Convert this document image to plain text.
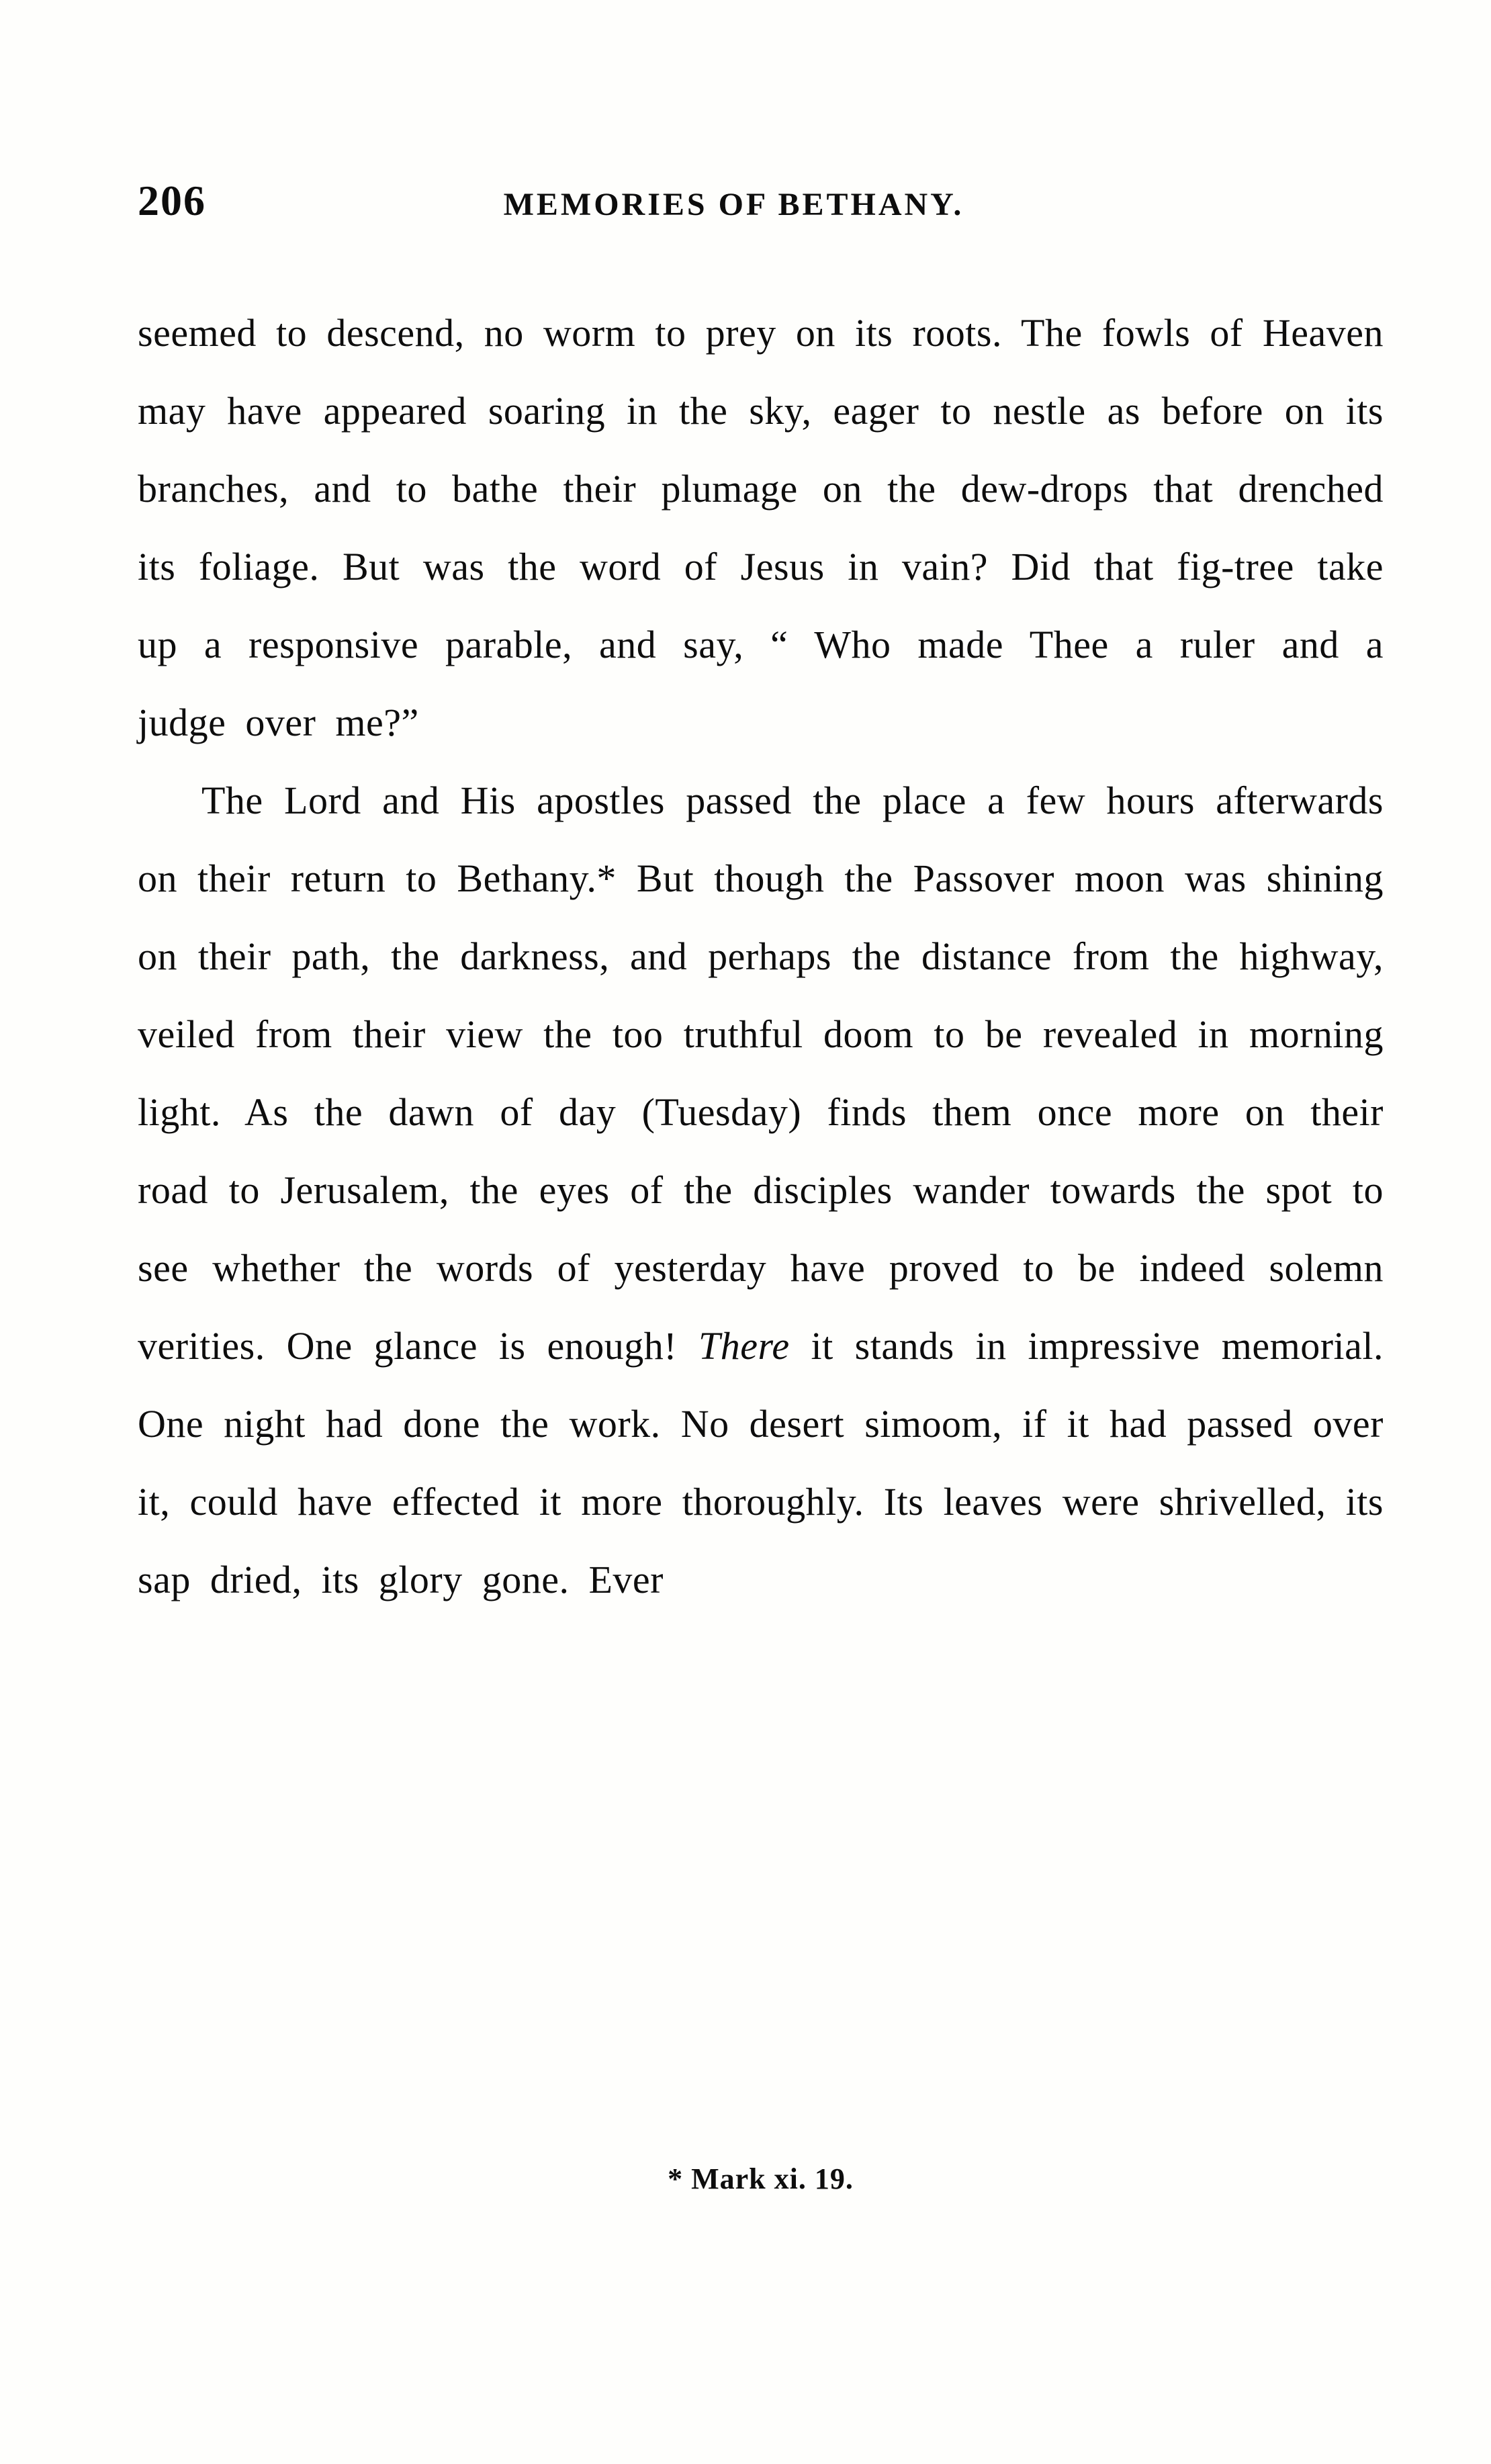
206	MEMORIES OF BETHANY.

seemed to descend, no worm to prey on its roots. The fowls of Heaven may have appeared soaring in the sky, eager to nestle as before on its branches, and to bathe their plumage on the dew-drops that drenched its foliage. But was the word of Jesus in vain? Did that fig-tree take up a responsive parable, and say, “ Who made Thee a ruler and a judge over me?”

The Lord and His apostles passed the place a few hours afterwards on their return to Bethany.* But though the Passover moon was shining on their path, the darkness, and perhaps the distance from the highway, veiled from their view the too truthful doom to be revealed in morning light. As the dawn of day (Tuesday) finds them once more on their road to Jerusalem, the eyes of the disciples wander towards the spot to see whether the words of yesterday have proved to be indeed solemn verities. One glance is enough! There it stands in impressive memorial. One night had done the work. No desert simoom, if it had passed over it, could have effected it more thoroughly. Its leaves were shrivelled, its sap dried, its glory gone. Ever

* Mark xi. 19.
